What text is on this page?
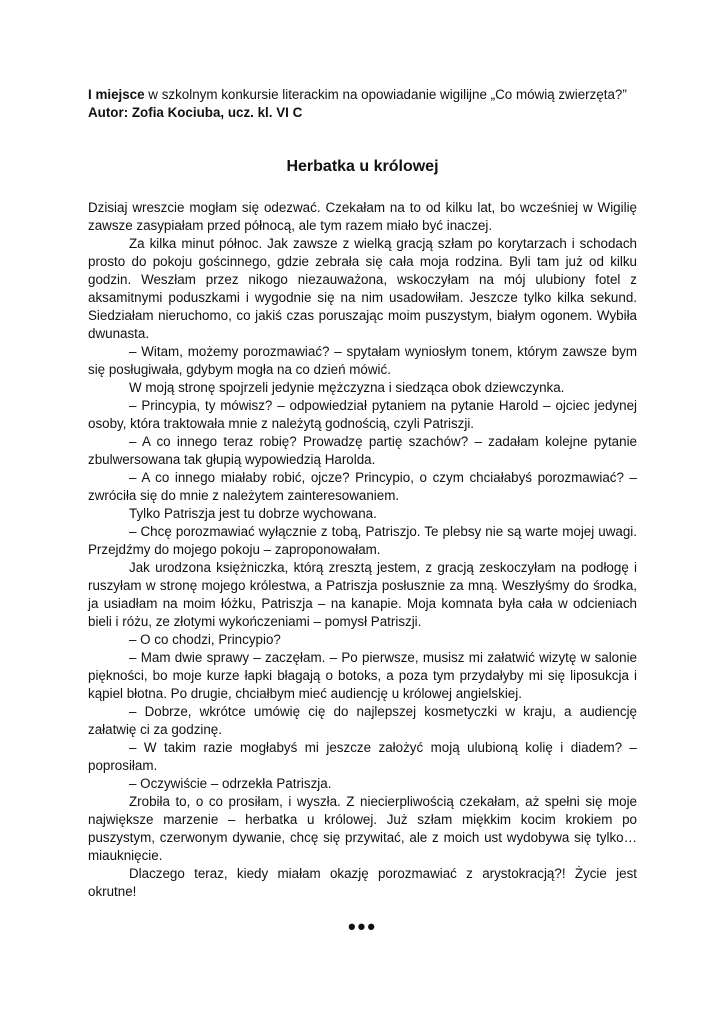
I miejsce w szkolnym konkursie literackim na opowiadanie wigilijne „Co mówią zwierzęta?”
Autor: Zofia Kociuba, ucz. kl. VI C
Herbatka u królowej

Dzisiaj wreszcie mogłam się odezwać. Czekałam na to od kilku lat, bo wcześniej w Wigilię zawsze zasypiałam przed północą, ale tym razem miało być inaczej.

Za kilka minut północ. Jak zawsze z wielką gracją szłam po korytarzach i schodach prosto do pokoju gościnnego, gdzie zebrała się cała moja rodzina. Byli tam już od kilku godzin. Weszłam przez nikogo niezauważona, wskoczyłam na mój ulubiony fotel z aksamitnymi poduszkami i wygodnie się na nim usadowiłam. Jeszcze tylko kilka sekund. Siedziałam nieruchomo, co jakiś czas poruszając moim puszystym, białym ogonem. Wybiła dwunasta.

– Witam, możemy porozmawiać? – spytałam wyniosłym tonem, którym zawsze bym się posługiwała, gdybym mogła na co dzień mówić.

W moją stronę spojrzeli jedynie mężczyzna i siedząca obok dziewczynka.

– Princypia, ty mówisz? – odpowiedział pytaniem na pytanie Harold – ojciec jedynej osoby, która traktowała mnie z należytą godnością, czyli Patriszji.

– A co innego teraz robię? Prowadzę partię szachów? – zadałam kolejne pytanie zbulwersowana tak głupią wypowiedzią Harolda.

– A co innego miałaby robić, ojcze? Princypio, o czym chciałabyś porozmawiać? – zwróciła się do mnie z należytem zainteresowaniem.

Tylko Patriszja jest tu dobrze wychowana.

– Chcę porozmawiać wyłącznie z tobą, Patriszjo. Te plebsy nie są warte mojej uwagi. Przejdźmy do mojego pokoju – zaproponowałam.

Jak urodzona księżniczka, którą zresztą jestem, z gracją zeskoczyłam na podłogę i ruszyłam w stronę mojego królestwa, a Patriszja posłusznie za mną. Weszłyśmy do środka, ja usiadłam na moim łóżku, Patriszja – na kanapie. Moja komnata była cała w odcieniach bieli i różu, ze złotymi wykończeniami – pomysł Patriszji.

– O co chodzi, Princypio?

– Mam dwie sprawy – zaczęłam. – Po pierwsze, musisz mi załatwić wizytę w salonie piękności, bo moje kurze łapki błagają o botoks, a poza tym przydałyby mi się liposukcja i kąpiel błotna. Po drugie, chciałbym mieć audiencję u królowej angielskiej.

– Dobrze, wkrótce umówię cię do najlepszej kosmetyczki w kraju, a audiencję załatwię ci za godzinę.

– W takim razie mogłabyś mi jeszcze założyć moją ulubioną kolię i diadem? – poprosiłam.

– Oczywiście – odrzekła Patriszja.

Zrobiła to, o co prosiłam, i wyszła. Z niecierpliwością czekałam, aż spełni się moje największe marzenie – herbatka u królowej. Już szłam miękkim kocim krokiem po puszystym, czerwonym dywanie, chcę się przywitać, ale z moich ust wydobywa się tylko… miauknięcie.

Dlaczego teraz, kiedy miałam okazję porozmawiać z arystokracją?! Życie jest okrutne!

•••
